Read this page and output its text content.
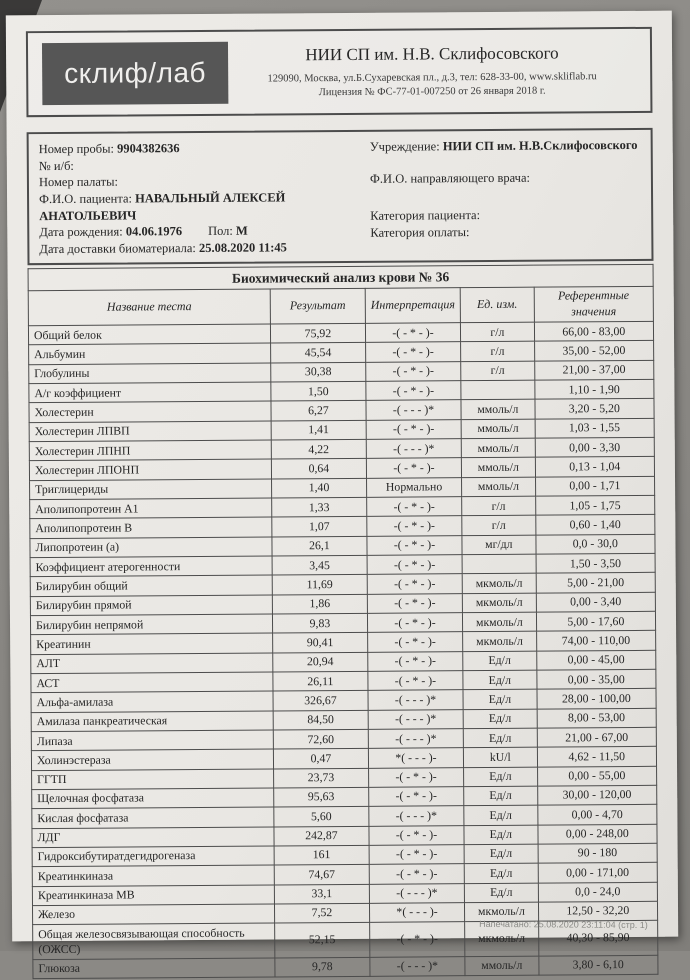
склиф/лаб
НИИ СП им. Н.В. Склифосовского
129090, Москва, ул.Б.Сухаревская пл., д.3, тел: 628-33-00, www.skliflab.ru
Лицензия № ФС-77-01-007250 от 26 января 2018 г.
Номер пробы: 9904382636
№ и/б:
Номер палаты:
Ф.И.О. пациента: НАВАЛЬНЫЙ АЛЕКСЕЙ АНАТОЛЬЕВИЧ
Дата рождения: 04.06.1976 Пол: М
Дата доставки биоматериала: 25.08.2020 11:45
Учреждение: НИИ СП им. Н.В.Склифосовского
Ф.И.О. направляющего врача:
Категория пациента:
Категория оплаты:
Биохимический анализ крови № 36				
Название теста	Результат	Интерпретация	Ед. изм.	Референтные значения
Общий белок	75,92	-( - * - )-	г/л	66,00 - 83,00
Альбумин	45,54	-( - * - )-	г/л	35,00 - 52,00
Глобулины	30,38	-( - * - )-	г/л	21,00 - 37,00
А/г коэффициент	1,50	-( - * - )-		1,10 - 1,90
Холестерин	6,27	-( - - - )*	ммоль/л	3,20 - 5,20
Холестерин ЛПВП	1,41	-( - * - )-	ммоль/л	1,03 - 1,55
Холестерин ЛПНП	4,22	-( - - - )*	ммоль/л	0,00 - 3,30
Холестерин ЛПОНП	0,64	-( - * - )-	ммоль/л	0,13 - 1,04
Триглицериды	1,40	Нормально	ммоль/л	0,00 - 1,71
Аполипопротеин А1	1,33	-( - * - )-	г/л	1,05 - 1,75
Аполипопротеин В	1,07	-( - * - )-	г/л	0,60 - 1,40
Липопротеин (а)	26,1	-( - * - )-	мг/дл	0,0 - 30,0
Коэффициент атерогенности	3,45	-( - * - )-		1,50 - 3,50
Билирубин общий	11,69	-( - * - )-	мкмоль/л	5,00 - 21,00
Билирубин прямой	1,86	-( - * - )-	мкмоль/л	0,00 - 3,40
Билирубин непрямой	9,83	-( - * - )-	мкмоль/л	5,00 - 17,60
Креатинин	90,41	-( - * - )-	мкмоль/л	74,00 - 110,00
АЛТ	20,94	-( - * - )-	Ед/л	0,00 - 45,00
АСТ	26,11	-( - * - )-	Ед/л	0,00 - 35,00
Альфа-амилаза	326,67	-( - - - )*	Ед/л	28,00 - 100,00
Амилаза панкреатическая	84,50	-( - - - )*	Ед/л	8,00 - 53,00
Липаза	72,60	-( - - - )*	Ед/л	21,00 - 67,00
Холинэстераза	0,47	*( - - - )-	kU/l	4,62 - 11,50
ГГТП	23,73	-( - * - )-	Ед/л	0,00 - 55,00
Щелочная фосфатаза	95,63	-( - * - )-	Ед/л	30,00 - 120,00
Кислая фосфатаза	5,60	-( - - - )*	Ед/л	0,00 - 4,70
ЛДГ	242,87	-( - * - )-	Ед/л	0,00 - 248,00
Гидроксибутиратдегидрогеназа	161	-( - * - )-	Ед/л	90 - 180
Креатинкиназа	74,67	-( - * - )-	Ед/л	0,00 - 171,00
Креатинкиназа МВ	33,1	-( - - - )*	Ед/л	0,0 - 24,0
Железо	7,52	*( - - - )-	мкмоль/л	12,50 - 32,20
Общая железосвязывающая способность (ОЖСС)	52,15	-( - * - )-	мкмоль/л	40,30 - 85,90
Глюкоза	9,78	-( - - - )*	ммоль/л	3,80 - 6,10
Напечатано: 25.08.2020 23:11:04 (стр. 1)
